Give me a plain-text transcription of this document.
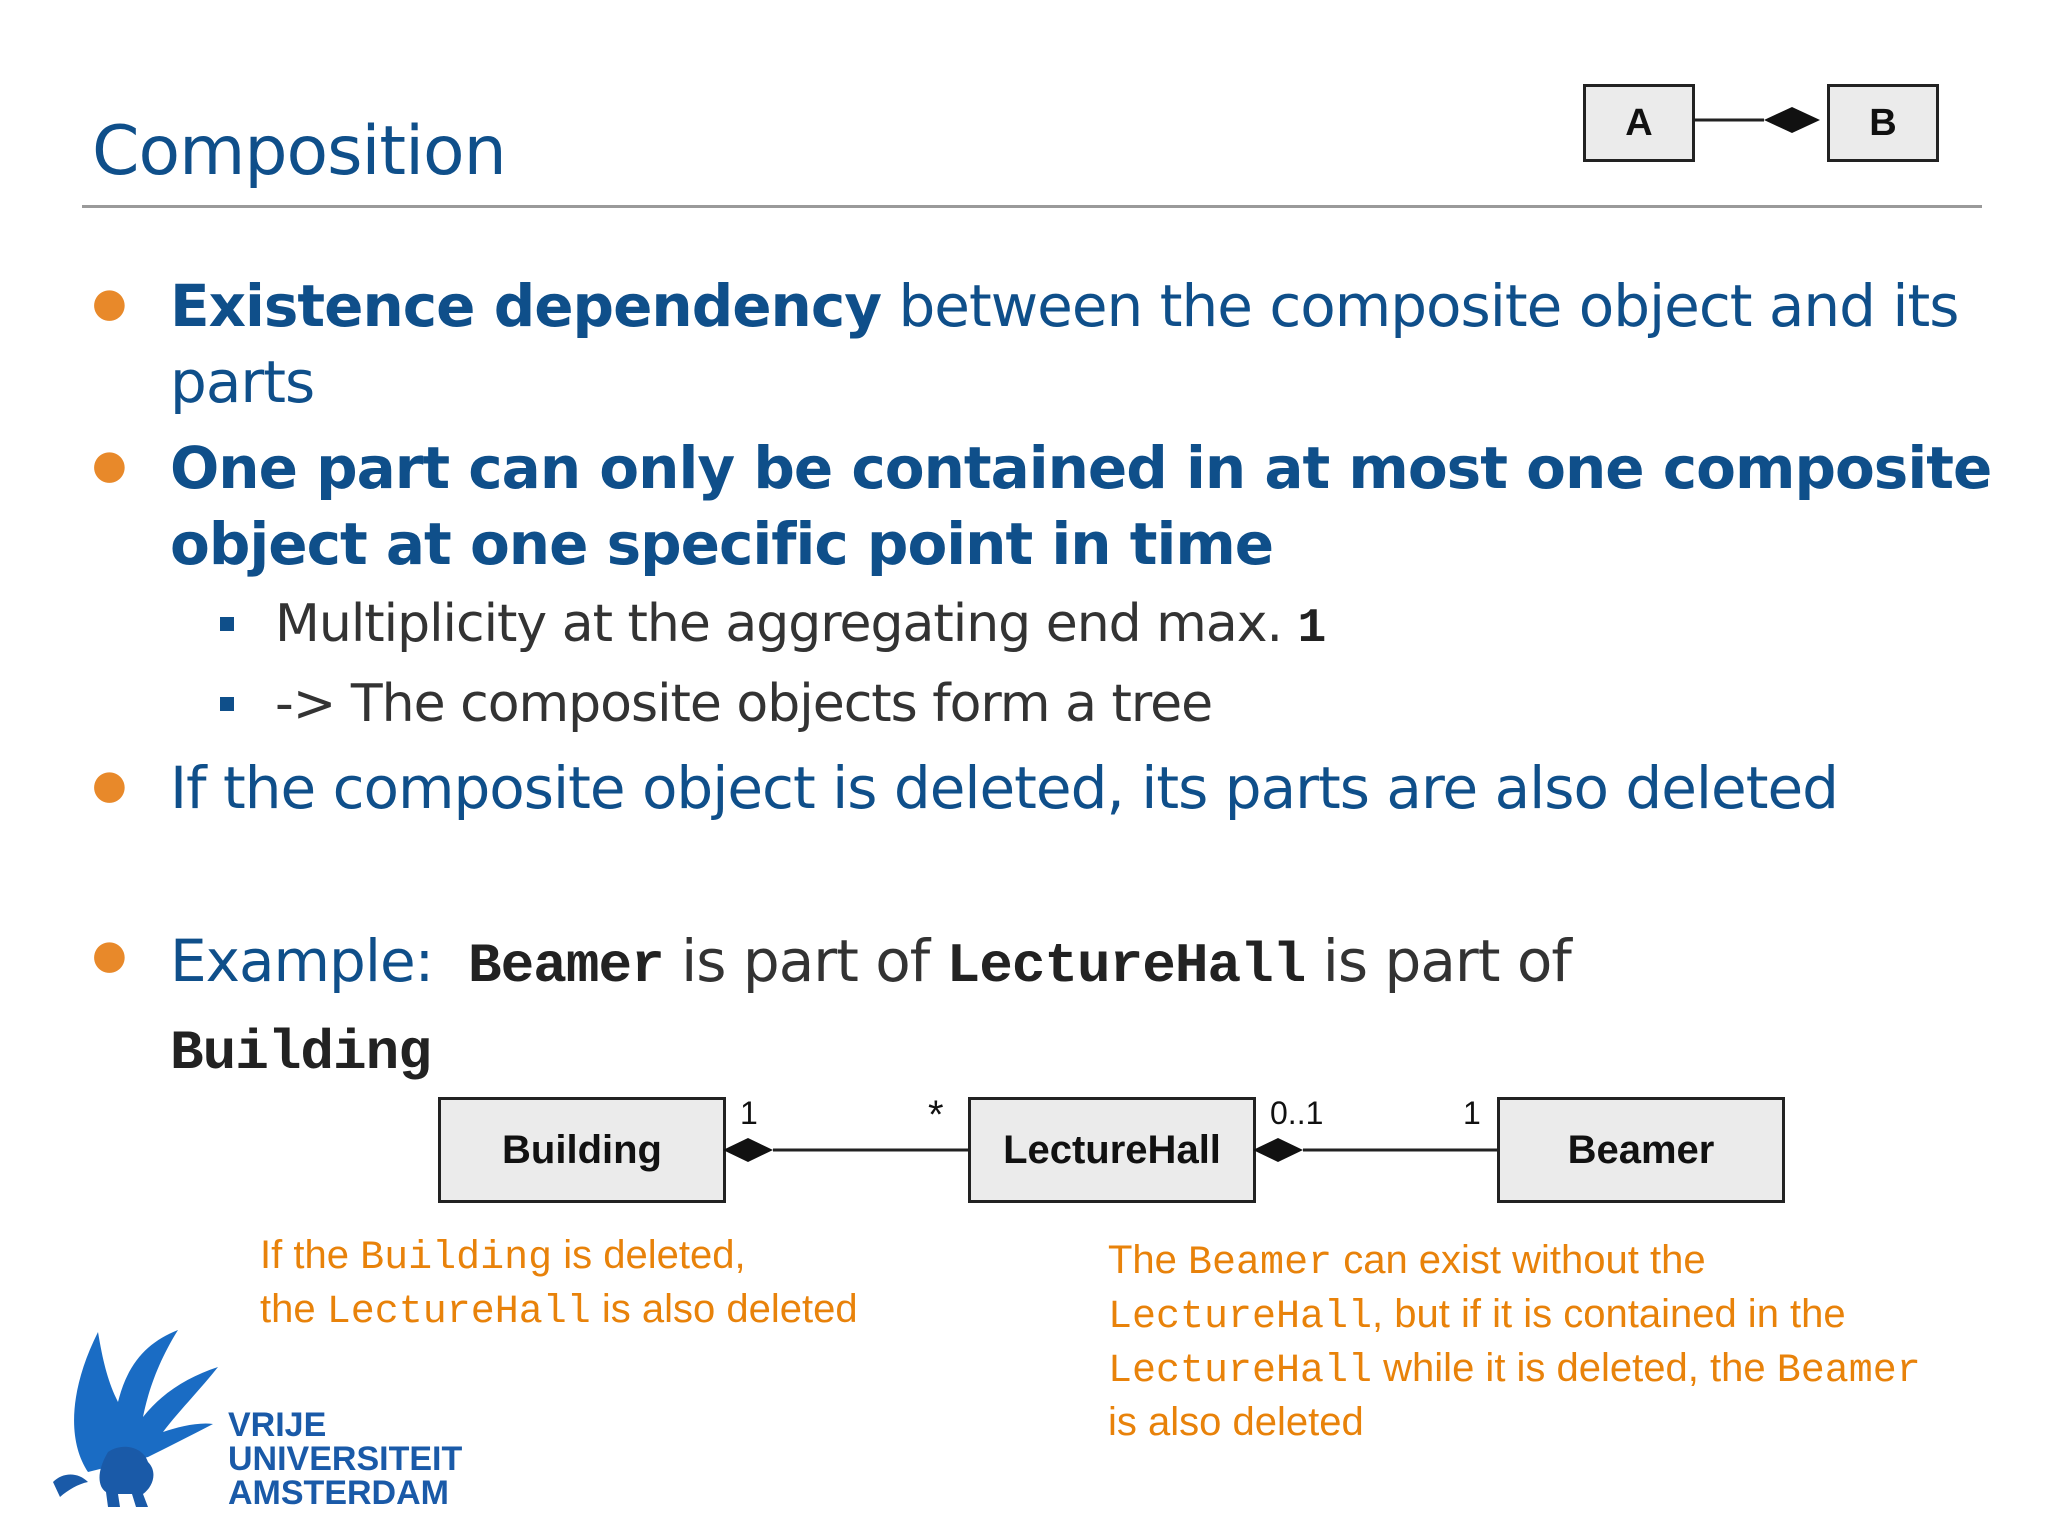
Composition	A	B
● Existence dependency between the composite object and its
parts
● One part can only be contained in at most one composite
object at one specific point in time
Multiplicity at the aggregating end max. 1
-> The composite objects form a tree
● If the composite object is deleted, its parts are also deleted
● Example: Beamer is part of LectureHall is part of
Building
Building	LectureHall	Beamer
1	*	0..1	1
If the Building is deleted,
the LectureHall is also deleted
The Beamer can exist without the
LectureHall, but if it is contained in the
LectureHall while it is deleted, the Beamer
is also deleted
VRIJE
UNIVERSITEIT
AMSTERDAM
